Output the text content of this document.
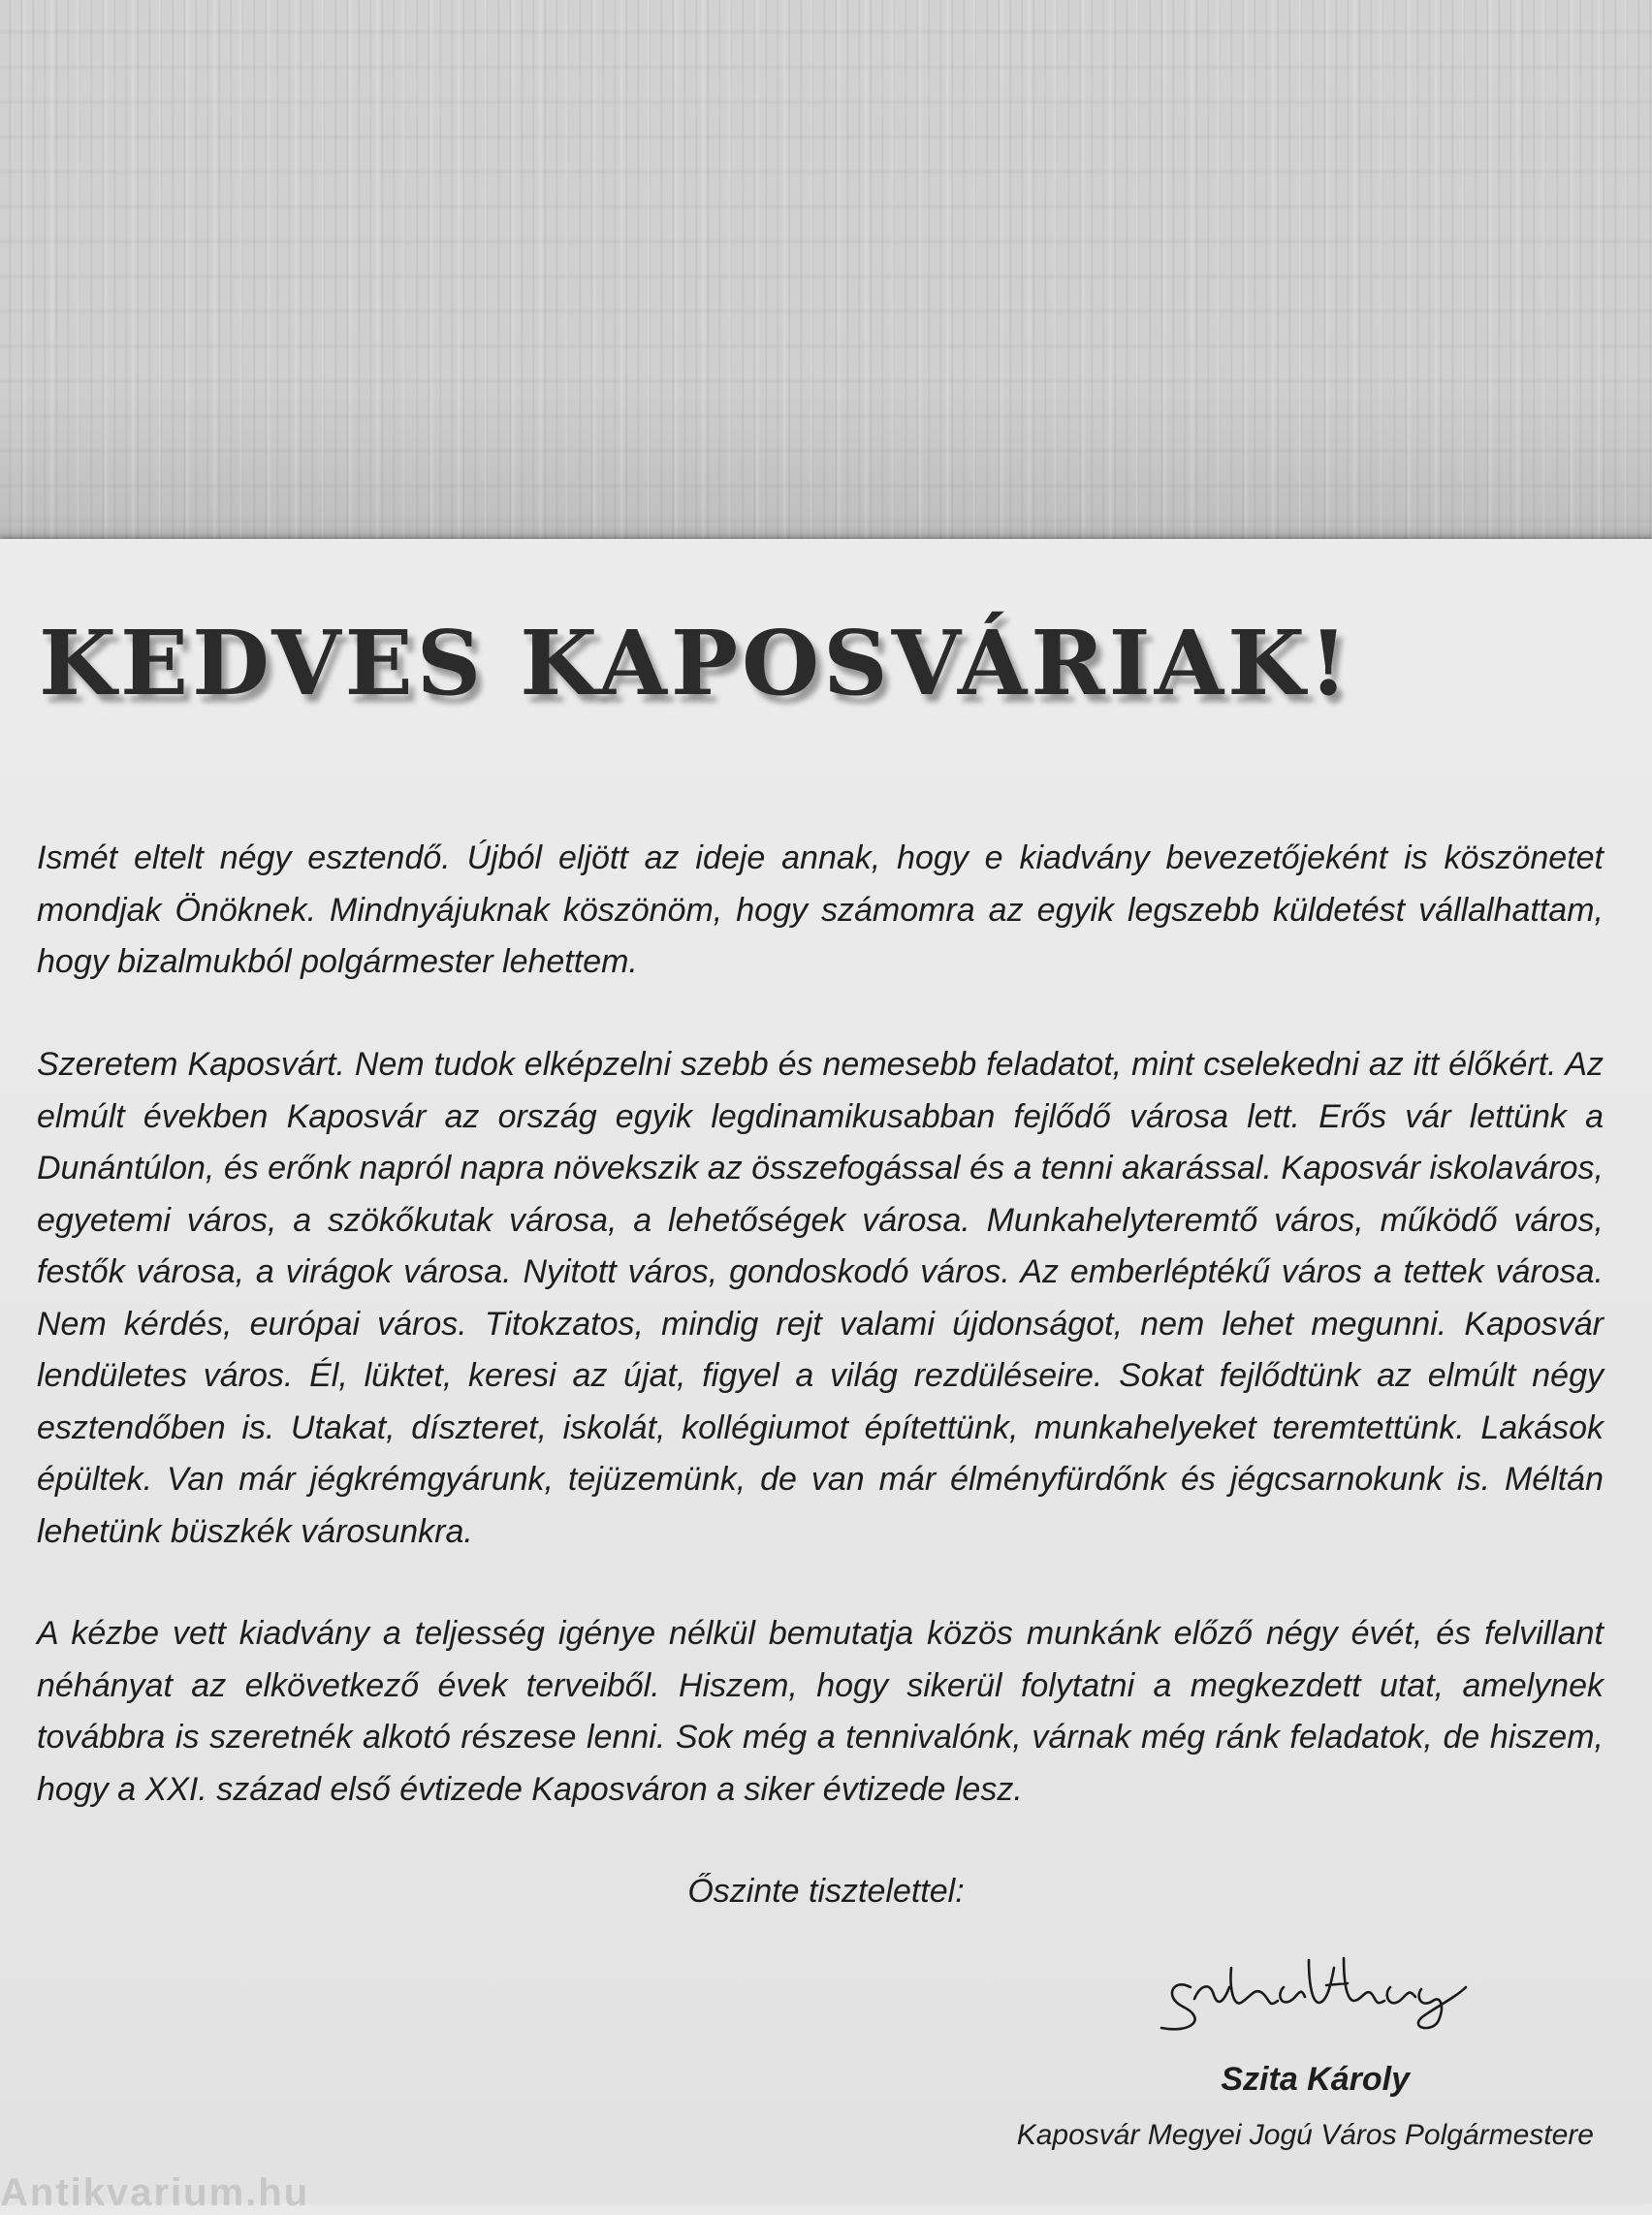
KEDVES KAPOSVÁRIAK!

Ismét eltelt négy esztendő. Újból eljött az ideje annak, hogy e kiadvány bevezetőjeként is köszönetet mondjak Önöknek. Mindnyájuknak köszönöm, hogy számomra az egyik legszebb küldetést vállalhattam, hogy bizalmukból polgármester lehettem.

Szeretem Kaposvárt. Nem tudok elképzelni szebb és nemesebb feladatot, mint cselekedni az itt élőkért. Az elmúlt években Kaposvár az ország egyik legdinamikusabban fejlődő városa lett. Erős vár lettünk a Dunántúlon, és erőnk napról napra növekszik az összefogással és a tenni akarással. Kaposvár iskolaváros, egyetemi város, a szökőkutak városa, a lehetőségek városa. Munkahelyteremtő város, működő város, festők városa, a virágok városa. Nyitott város, gondoskodó város. Az emberléptékű város a tettek városa. Nem kérdés, európai város. Titokzatos, mindig rejt valami újdonságot, nem lehet megunni. Kaposvár lendületes város. Él, lüktet, keresi az újat, figyel a világ rezdüléseire. Sokat fejlődtünk az elmúlt négy esztendőben is. Utakat, díszteret, iskolát, kollégiumot építettünk, munkahelyeket teremtettünk. Lakások épültek. Van már jégkrémgyárunk, tejüzemünk, de van már élményfürdőnk és jégcsarnokunk is. Méltán lehetünk büszkék városunkra.

A kézbe vett kiadvány a teljesség igénye nélkül bemutatja közös munkánk előző négy évét, és felvillant néhányat az elkövetkező évek terveiből. Hiszem, hogy sikerül folytatni a megkezdett utat, amelynek továbbra is szeretnék alkotó részese lenni. Sok még a tennivalónk, várnak még ránk feladatok, de hiszem, hogy a XXI. század első évtizede Kaposváron a siker évtizede lesz.

Őszinte tisztelettel:

Szita Károly

Kaposvár Megyei Jogú Város Polgármestere

Antikvarium.hu
